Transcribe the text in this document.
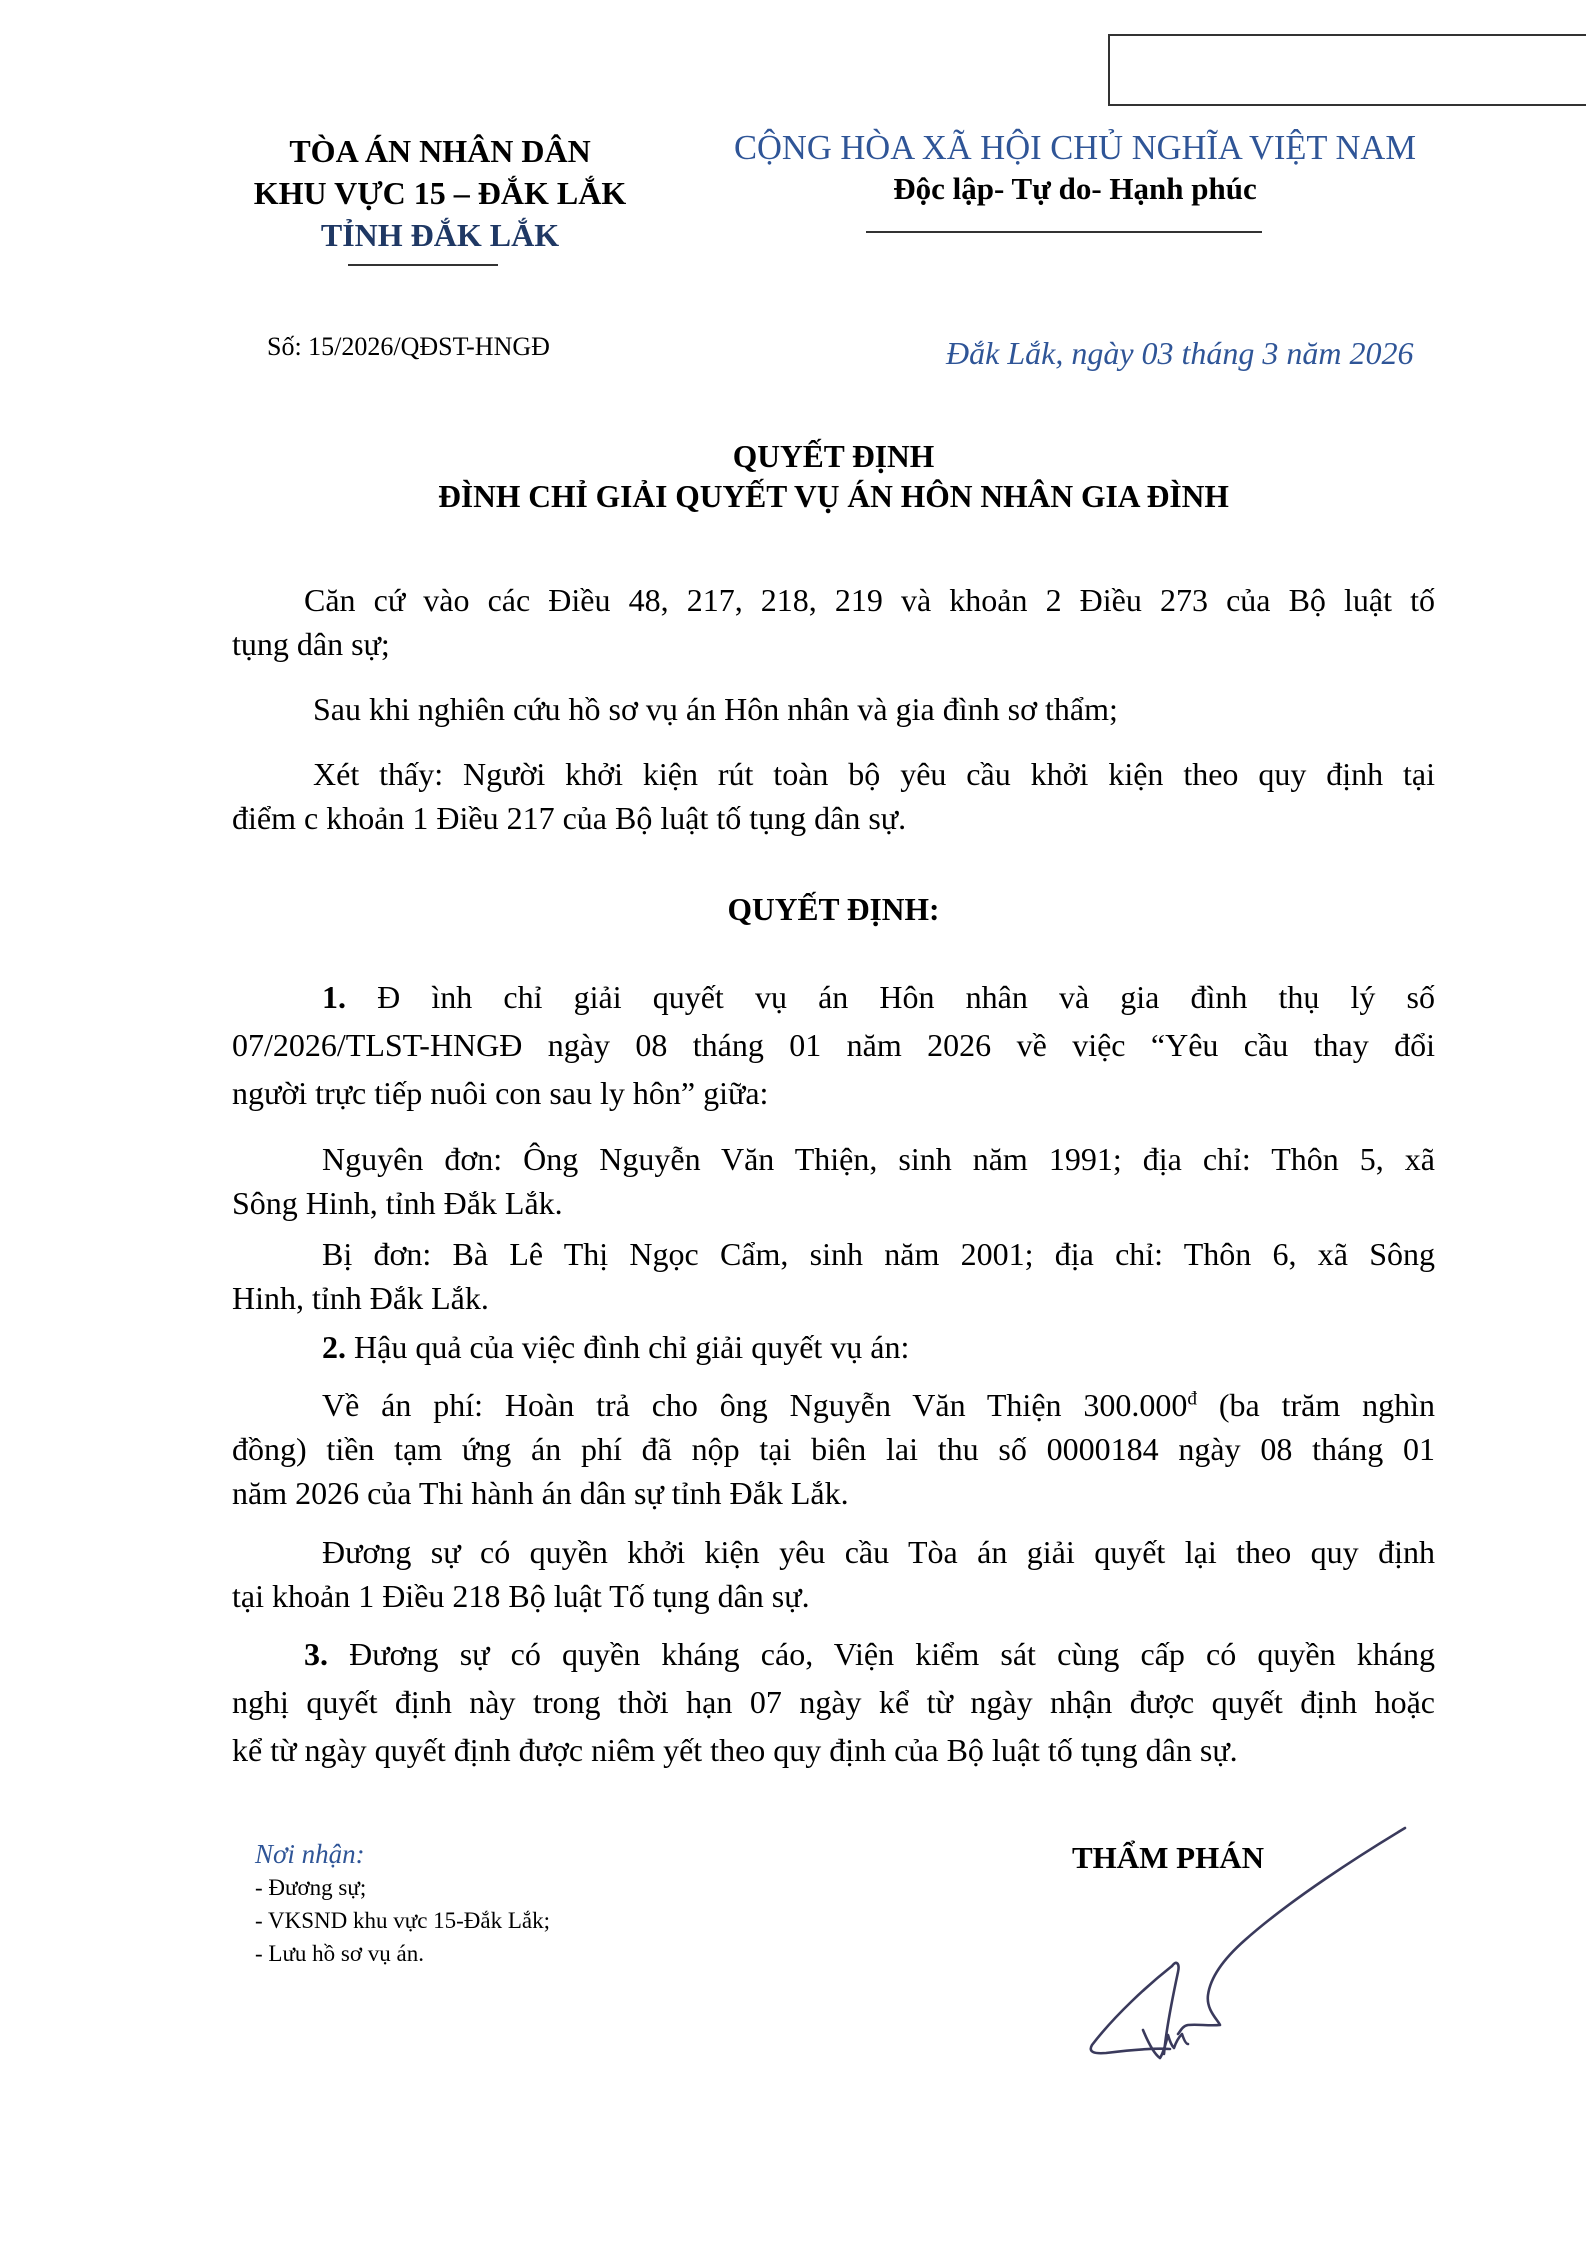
TÒA ÁN NHÂN DÂN
KHU VỰC 15 – ĐẮK LẮK
TỈNH ĐẮK LẮK
CỘNG HÒA XÃ HỘI CHỦ NGHĨA VIỆT NAM
Độc lập- Tự do- Hạnh phúc
Số: 15/2026/QĐST-HNGĐ	Đắk Lắk, ngày 03 tháng 3 năm 2026
QUYẾT ĐỊNH
ĐÌNH CHỈ GIẢI QUYẾT VỤ ÁN HÔN NHÂN GIA ĐÌNH
Căn cứ vào các Điều 48, 217, 218, 219 và khoản 2 Điều 273 của Bộ luật tố
tụng dân sự;
Sau khi nghiên cứu hồ sơ vụ án Hôn nhân và gia đình sơ thẩm;
Xét thấy: Người khởi kiện rút toàn bộ yêu cầu khởi kiện theo quy định tại
điểm c khoản 1 Điều 217 của Bộ luật tố tụng dân sự.
QUYẾT ĐỊNH:
1. Đ ình chỉ giải quyết vụ án Hôn nhân và gia đình thụ lý số
07/2026/TLST-HNGĐ ngày 08 tháng 01 năm 2026 về việc “Yêu cầu thay đổi
người trực tiếp nuôi con sau ly hôn” giữa:
Nguyên đơn: Ông Nguyễn Văn Thiện, sinh năm 1991; địa chỉ: Thôn 5, xã
Sông Hinh, tỉnh Đắk Lắk.
Bị đơn: Bà Lê Thị Ngọc Cẩm, sinh năm 2001; địa chỉ: Thôn 6, xã Sông
Hinh, tỉnh Đắk Lắk.
2. Hậu quả của việc đình chỉ giải quyết vụ án:
Về án phí: Hoàn trả cho ông Nguyễn Văn Thiện $300.000^đ$ (ba trăm nghìn
đồng) tiền tạm ứng án phí đã nộp tại biên lai thu số 0000184 ngày 08 tháng 01
năm 2026 của Thi hành án dân sự tỉnh Đắk Lắk.
Đương sự có quyền khởi kiện yêu cầu Tòa án giải quyết lại theo quy định
tại khoản 1 Điều 218 Bộ luật Tố tụng dân sự.
3. Đương sự có quyền kháng cáo, Viện kiểm sát cùng cấp có quyền kháng
nghị quyết định này trong thời hạn 07 ngày kể từ ngày nhận được quyết định hoặc
kể từ ngày quyết định được niêm yết theo quy định của Bộ luật tố tụng dân sự.
Nơi nhận:
- Đương sự;
- VKSND khu vực 15-Đắk Lắk;
- Lưu hồ sơ vụ án.
THẨM PHÁN
